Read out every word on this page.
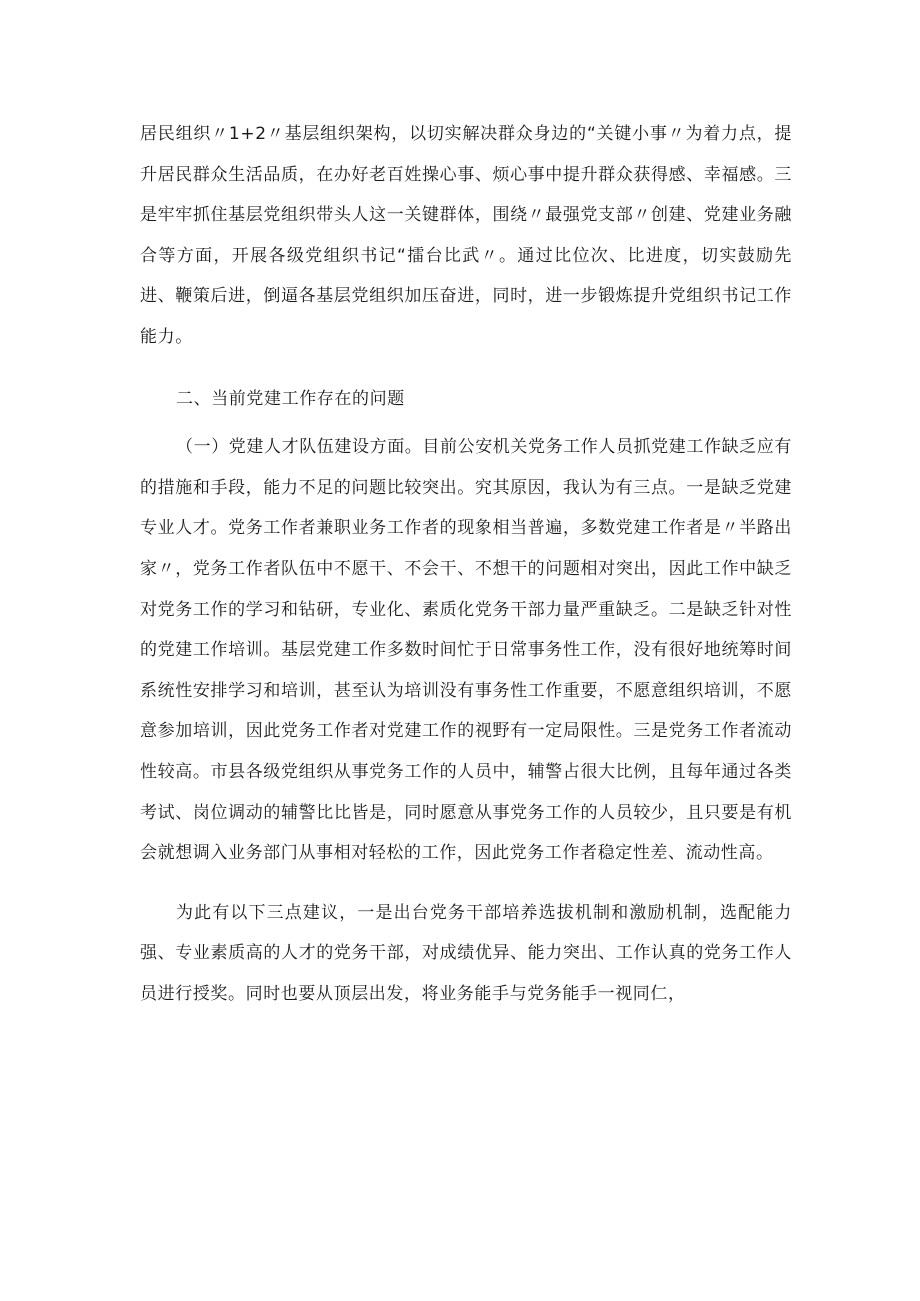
居民组织〃1+2〃基层组织架构，以切实解决群众身边的“关键小事〃为着力点，提升居民群众生活品质，在办好老百姓操心事、烦心事中提升群众获得感、幸福感。三是牢牢抓住基层党组织带头人这一关键群体，围绕〃最强党支部〃创建、党建业务融合等方面，开展各级党组织书记“擂台比武〃。通过比位次、比进度，切实鼓励先进、鞭策后进，倒逼各基层党组织加压奋进，同时，进一步锻炼提升党组织书记工作能力。

二、当前党建工作存在的问题

（一）党建人才队伍建设方面。目前公安机关党务工作人员抓党建工作缺乏应有的措施和手段，能力不足的问题比较突出。究其原因，我认为有三点。一是缺乏党建专业人才。党务工作者兼职业务工作者的现象相当普遍，多数党建工作者是〃半路出家〃，党务工作者队伍中不愿干、不会干、不想干的问题相对突出，因此工作中缺乏对党务工作的学习和钻研，专业化、素质化党务干部力量严重缺乏。二是缺乏针对性的党建工作培训。基层党建工作多数时间忙于日常事务性工作，没有很好地统筹时间系统性安排学习和培训，甚至认为培训没有事务性工作重要，不愿意组织培训，不愿意参加培训，因此党务工作者对党建工作的视野有一定局限性。三是党务工作者流动性较高。市县各级党组织从事党务工作的人员中，辅警占很大比例，且每年通过各类考试、岗位调动的辅警比比皆是，同时愿意从事党务工作的人员较少，且只要是有机会就想调入业务部门从事相对轻松的工作，因此党务工作者稳定性差、流动性高。

为此有以下三点建议，一是出台党务干部培养选拔机制和激励机制，选配能力强、专业素质高的人才的党务干部，对成绩优异、能力突出、工作认真的党务工作人员进行授奖。同时也要从顶层出发，将业务能手与党务能手一视同仁，
